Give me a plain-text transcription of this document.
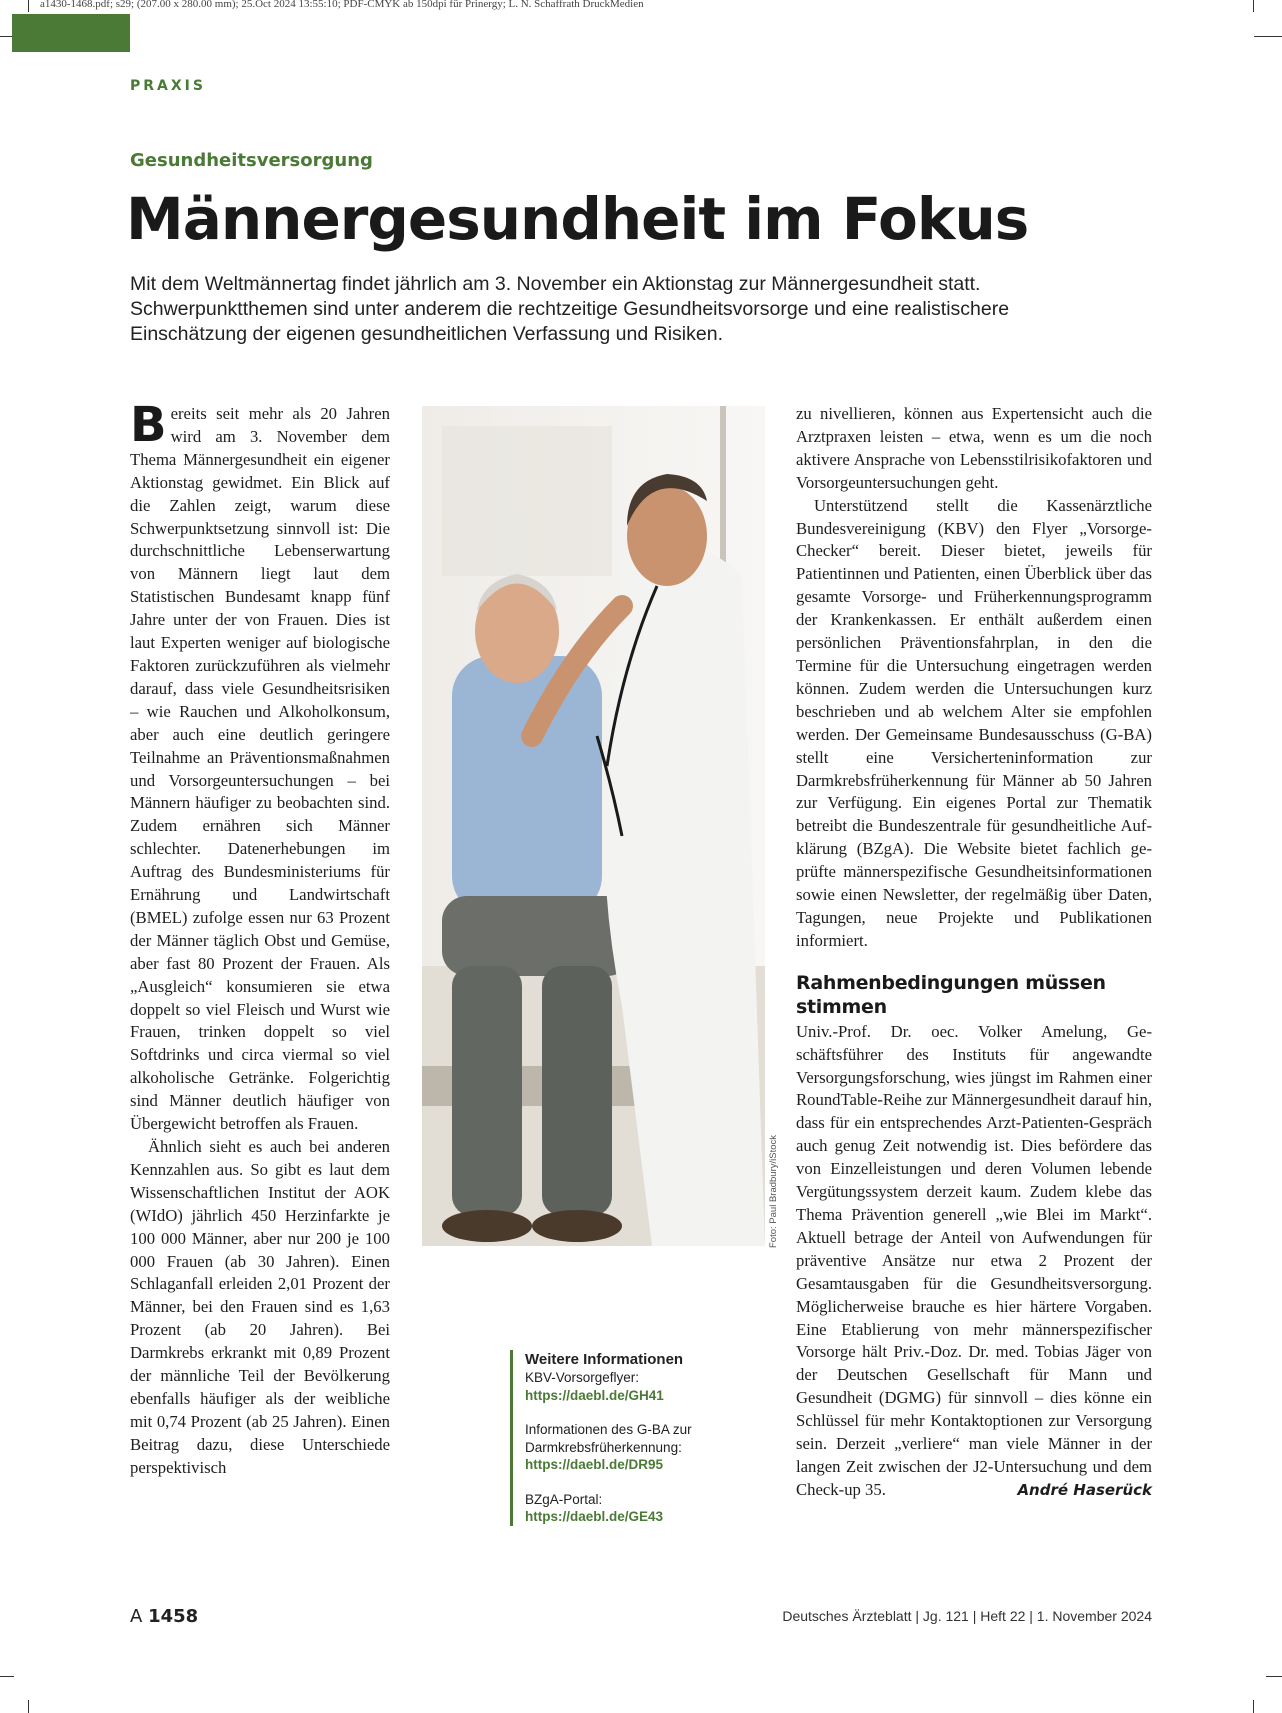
a1430-1468.pdf; s29; (207.00 x 280.00 mm); 25.Oct 2024 13:55:10; PDF-CMYK ab 150dpi für Prinergy; L. N. Schaffrath DruckMedien
PRAXIS
Gesundheitsversorgung
Männergesundheit im Fokus
Mit dem Weltmännertag findet jährlich am 3. November ein Aktionstag zur Männergesundheit statt. Schwerpunktthemen sind unter anderem die rechtzeitige Gesundheitsvorsorge und eine realistischere Einschätzung der eigenen gesundheitlichen Verfassung und Risiken.

Bereits seit mehr als 20 Jahren wird am 3. November dem Thema Männergesundheit ein eigener Aktionstag gewidmet. Ein Blick auf die Zahlen zeigt, warum diese Schwerpunktsetzung sinnvoll ist: Die durchschnittliche Lebenserwartung von Männern liegt laut dem Statistischen Bundesamt knapp fünf Jahre unter der von Frauen. Dies ist laut Experten weniger auf biologische Faktoren zurückzuführen als vielmehr darauf, dass viele Gesundheitsrisiken – wie Rauchen und Alkoholkonsum, aber auch eine deutlich geringere Teilnahme an Präventionsmaßnahmen und Vorsorgeuntersuchungen – bei Männern häufiger zu beobachten sind. Zudem ernähren sich Männer schlechter. Datenerhebungen im Auftrag des Bundesministeriums für Ernährung und Landwirtschaft (BMEL) zufolge essen nur 63 Prozent der Männer täglich Obst und Gemüse, aber fast 80 Prozent der Frauen. Als „Ausgleich“ konsumieren sie etwa doppelt so viel Fleisch und Wurst wie Frauen, trinken doppelt so viel Softdrinks und circa viermal so viel alkoholische Getränke. Folgerichtig sind Männer deutlich häufiger von Übergewicht betroffen als Frauen.

Ähnlich sieht es auch bei anderen Kennzahlen aus. So gibt es laut dem Wissenschaftlichen Institut der AOK (WIdO) jährlich 450 Herzinfarkte je 100 000 Männer, aber nur 200 je 100 000 Frauen (ab 30 Jahren). Einen Schlaganfall erleiden 2,01 Prozent der Männer, bei den Frauen sind es 1,63 Prozent (ab 20 Jahren). Bei Darmkrebs erkrankt mit 0,89 Prozent der männliche Teil der Bevölkerung ebenfalls häufiger als der weibliche mit 0,74 Prozent (ab 25 Jahren). Einen Beitrag dazu, diese Unterschiede perspektivisch

Foto: Paul Bradbury/iStock

zu nivellieren, können aus Expertensicht auch die Arztpraxen leisten – etwa, wenn es um die noch aktivere Ansprache von Lebensstilrisikofaktoren und Vorsorgeuntersuchungen geht.

Unterstützend stellt die Kassenärztliche Bundesvereinigung (KBV) den Flyer „Vorsorge-Checker“ bereit. Dieser bietet, jeweils für Patientinnen und Patienten, einen Überblick über das gesamte Vorsorge- und Früherkennungsprogramm der Krankenkassen. Er enthält außerdem einen persönlichen Präventionsfahrplan, in den die Termine für die Untersuchung eingetragen werden können. Zudem werden die Untersuchungen kurz beschrieben und ab welchem Alter sie empfohlen werden. Der Gemeinsame Bundesausschuss (G-BA) stellt eine Versicherteninformation zur Darmkrebsfrüherkennung für Männer ab 50 Jahren zur Verfügung. Ein eigenes Portal zur Thematik betreibt die Bundeszentrale für gesundheitliche Aufklärung (BZgA). Die Website bietet fachlich geprüfte männerspezifische Gesundheitsinformationen sowie einen Newsletter, der regelmäßig über Daten, Tagungen, neue Projekte und Publikationen informiert.

Rahmenbedingungen müssen stimmen

Univ.-Prof. Dr. oec. Volker Amelung, Geschäftsführer des Instituts für angewandte Versorgungsforschung, wies jüngst im Rahmen einer RoundTable-Reihe zur Männergesundheit darauf hin, dass für ein entsprechendes Arzt-Patienten-Gespräch auch genug Zeit notwendig ist. Dies befördere das von Einzelleistungen und deren Volumen lebende Vergütungssystem derzeit kaum. Zudem klebe das Thema Prävention generell „wie Blei im Markt“. Aktuell betrage der Anteil von Aufwendungen für präventive Ansätze nur etwa 2 Prozent der Gesamtausgaben für die Gesundheitsversorgung. Möglicherweise brauche es hier härtere Vorgaben. Eine Etablierung von mehr männerspezifischer Vorsorge hält Priv.-Doz. Dr. med. Tobias Jäger von der Deutschen Gesellschaft für Mann und Gesundheit (DGMG) für sinnvoll – dies könne ein Schlüssel für mehr Kontaktoptionen zur Versorgung sein. Derzeit „verliere“ man viele Männer in der langen Zeit zwischen der J2-Untersuchung und dem Check-up 35.	André Haserück

Weitere Informationen
KBV-Vorsorgeflyer:
https://daebl.de/GH41
Informationen des G-BA zur Darmkrebsfrüherkennung:
https://daebl.de/DR95
BZgA-Portal:
https://daebl.de/GE43
A 1458	Deutsches Ärzteblatt | Jg. 121 | Heft 22 | 1. November 2024
